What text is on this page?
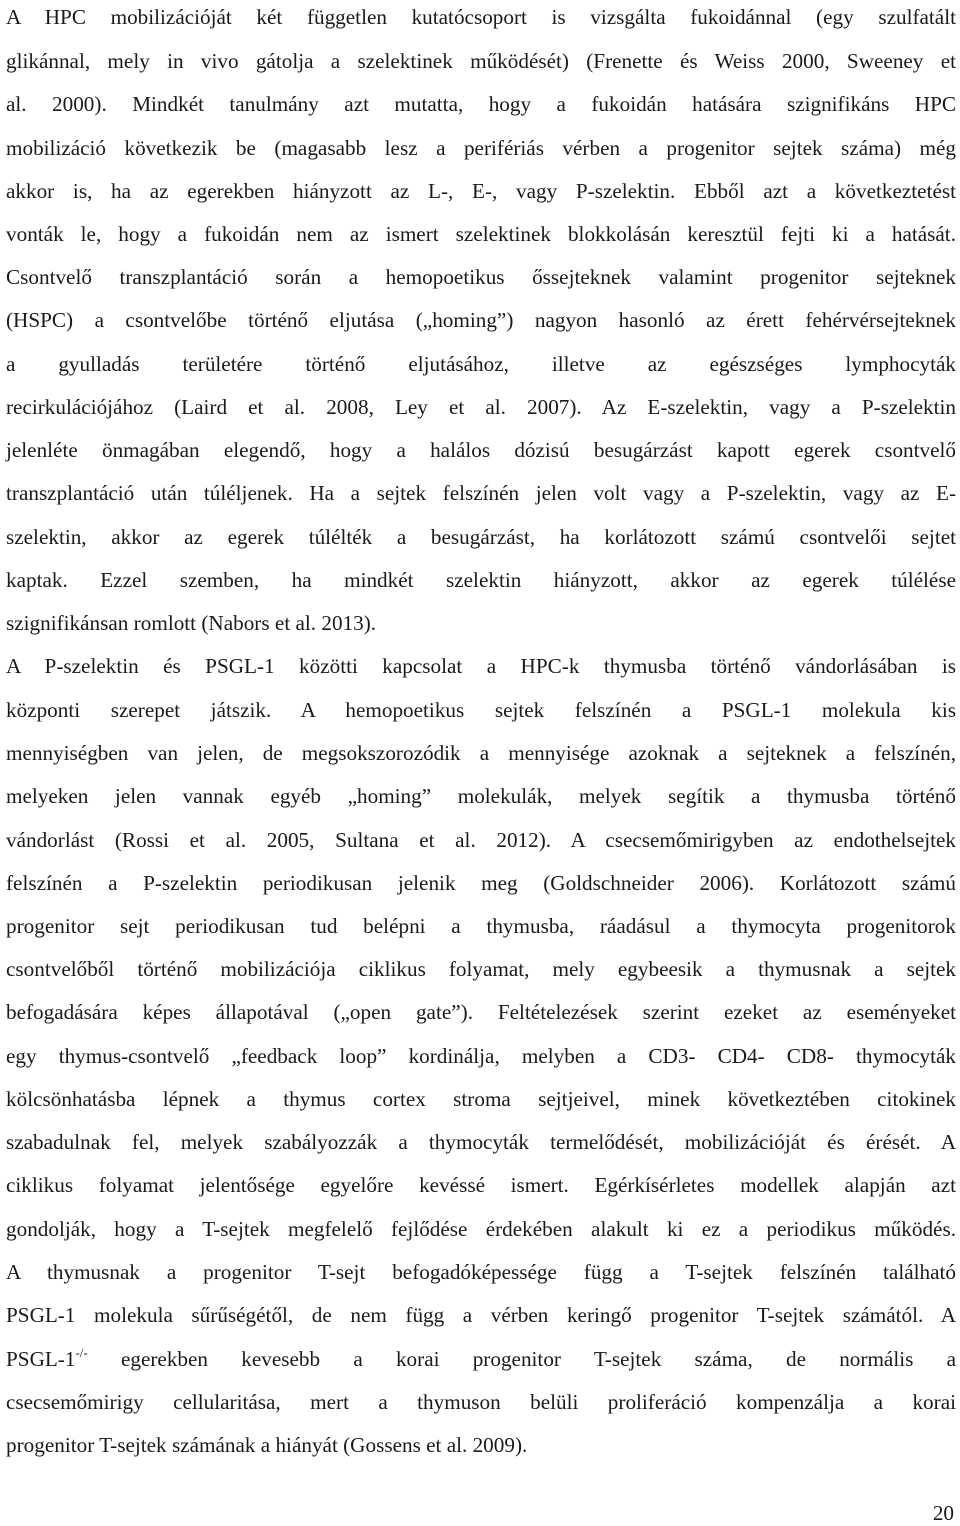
A HPC mobilizációját két független kutatócsoport is vizsgálta fukoidánnal (egy szulfatált
glikánnal, mely in vivo gátolja a szelektinek működését) (Frenette és Weiss 2000, Sweeney et
al. 2000). Mindkét tanulmány azt mutatta, hogy a fukoidán hatására szignifikáns HPC
mobilizáció következik be (magasabb lesz a perifériás vérben a progenitor sejtek száma) még
akkor is, ha az egerekben hiányzott az L-, E-, vagy P-szelektin. Ebből azt a következtetést
vonták le, hogy a fukoidán nem az ismert szelektinek blokkolásán keresztül fejti ki a hatását.
Csontvelő transzplantáció során a hemopoetikus őssejteknek valamint progenitor sejteknek
(HSPC) a csontvelőbe történő eljutása („homing”) nagyon hasonló az érett fehérvérsejteknek
a gyulladás területére történő eljutásához, illetve az egészséges lymphocyták
recirkulációjához (Laird et al. 2008, Ley et al. 2007). Az E-szelektin, vagy a P-szelektin
jelenléte önmagában elegendő, hogy a halálos dózisú besugárzást kapott egerek csontvelő
transzplantáció után túléljenek. Ha a sejtek felszínén jelen volt vagy a P-szelektin, vagy az E-
szelektin, akkor az egerek túlélték a besugárzást, ha korlátozott számú csontvelői sejtet
kaptak. Ezzel szemben, ha mindkét szelektin hiányzott, akkor az egerek túlélése
szignifikánsan romlott (Nabors et al. 2013).
A P-szelektin és PSGL-1 közötti kapcsolat a HPC-k thymusba történő vándorlásában is
központi szerepet játszik. A hemopoetikus sejtek felszínén a PSGL-1 molekula kis
mennyiségben van jelen, de megsokszorozódik a mennyisége azoknak a sejteknek a felszínén,
melyeken jelen vannak egyéb „homing” molekulák, melyek segítik a thymusba történő
vándorlást (Rossi et al. 2005, Sultana et al. 2012). A csecsemőmirigyben az endothelsejtek
felszínén a P-szelektin periodikusan jelenik meg (Goldschneider 2006). Korlátozott számú
progenitor sejt periodikusan tud belépni a thymusba, ráadásul a thymocyta progenitorok
csontvelőből történő mobilizációja ciklikus folyamat, mely egybeesik a thymusnak a sejtek
befogadására képes állapotával („open gate”). Feltételezések szerint ezeket az eseményeket
egy thymus-csontvelő „feedback loop” kordinálja, melyben a CD3- CD4- CD8- thymocyták
kölcsönhatásba lépnek a thymus cortex stroma sejtjeivel, minek következtében citokinek
szabadulnak fel, melyek szabályozzák a thymocyták termelődését, mobilizációját és érését. A
ciklikus folyamat jelentősége egyelőre kevéssé ismert. Egérkísérletes modellek alapján azt
gondolják, hogy a T-sejtek megfelelő fejlődése érdekében alakult ki ez a periodikus működés.
A thymusnak a progenitor T-sejt befogadóképessége függ a T-sejtek felszínén található
PSGL-1 molekula sűrűségétől, de nem függ a vérben keringő progenitor T-sejtek számától. A
PSGL-1-/- egerekben kevesebb a korai progenitor T-sejtek száma, de normális a
csecsemőmirigy cellularitása, mert a thymuson belüli proliferáció kompenzálja a korai
progenitor T-sejtek számának a hiányát (Gossens et al. 2009).
20
